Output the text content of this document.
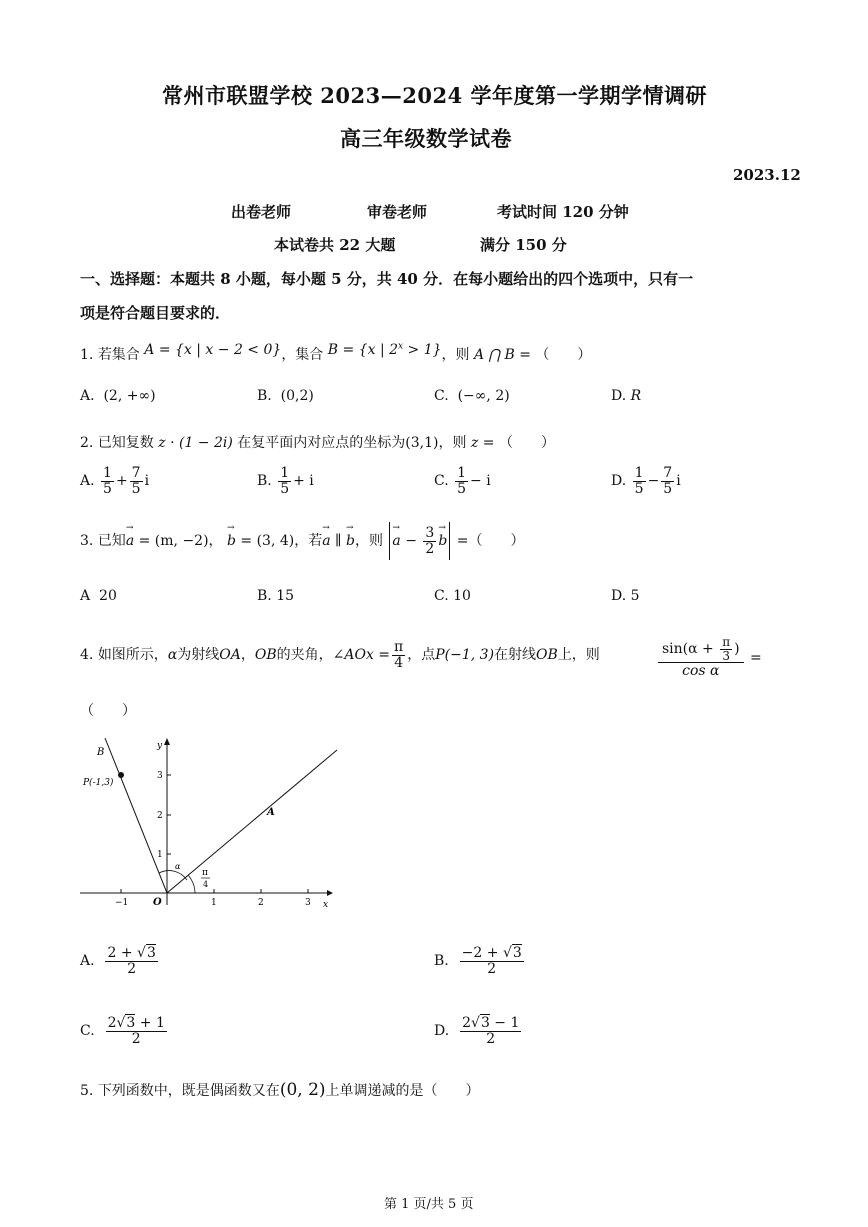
常州市联盟学校 2023—2024 学年度第一学期学情调研
高三年级数学试卷
2023.12
出卷老师	审卷老师	考试时间 120 分钟
本试卷共 22 大题	满分 150 分
一、选择题：本题共 8 小题，每小题 5 分，共 40 分．在每小题给出的四个选项中，只有一
项是符合题目要求的．
1. 若集合 A = {x | x − 2 < 0}，集合 B = {x | $2^x > 1$}，则 A ⋂ B = （　　）
A. (2, +∞)	B. (0,2)	C. (−∞, 2)	D. R
2. 已知复数 z · (1 − 2i) 在复平面内对应点的坐标为(3,1)，则 z = （　　）
A. $\frac{1}{5} + \frac{7}{5}$ i	B. $\frac{1}{5} + i$	C. $\frac{1}{5} - i$	D. $\frac{1}{5} - \frac{7}{5}$ i
3. 已知→ a = (m, −2)， → b = (3, 4)，若→ a ∥ → b，则 → $a - \frac{3}{2}$
→ b =（　　）
A 20	B. 15	C. 10	D. 5
4. 如图所示，α为射线OA，OB的夹角，∠AOx = $\frac{\pi}{4}$ ，点P(−1, 3)在射线OB上，则	$\frac{\sin(\alpha + \frac{\pi}{3} )}{\text{cos α}}$ =
（　　）
B
P(-1,3)
y
x
O
A
α
π
4
3
2
1
−1	1	2	3
A. $\frac{2 + √3}{2}$	B. $\frac{-2 + √3}{2}$
C. $\frac{2√3 + 1}{2}$	D. $\frac{2√3 - 1}{2}$
5. 下列函数中，既是偶函数又在(0, 2)上单调递减的是（　　）
第 1 页/共 5 页
